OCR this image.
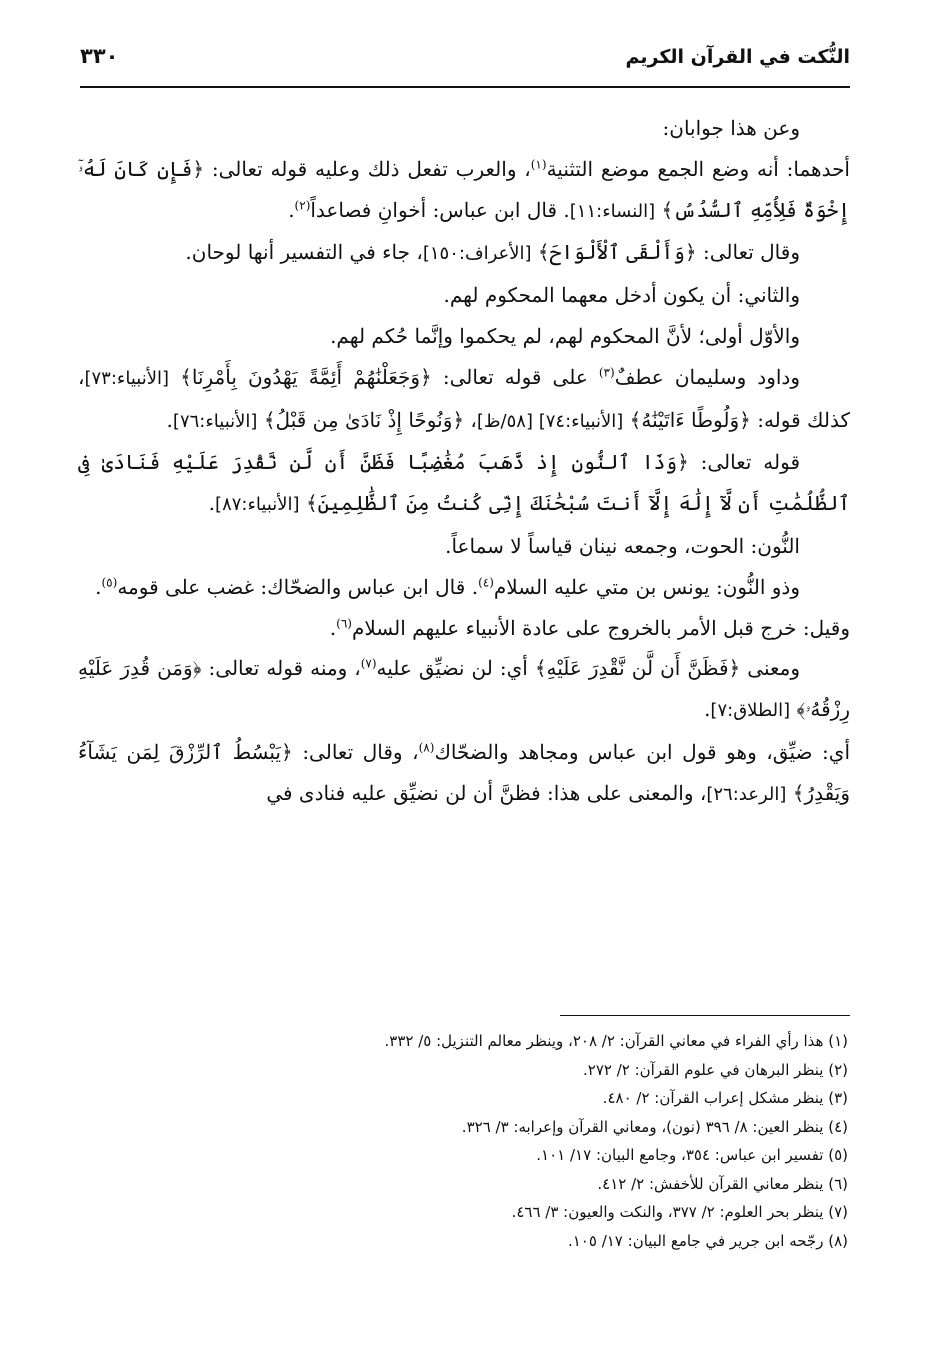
النُّكت في القرآن الكريم
٣٣٠

وعن هذا جوابان:

أحدهما: أنه وضع الجمع موضع التثنية$^{(١)}$، والعرب تفعل ذلك وعليه قوله تعالى: ﴿فَإِن كَانَ لَهُۥٓ إِخْوَةٌ فَلِأُمِّهِ ٱلسُّدُسُ﴾ [النساء:١١]. قال ابن عباس: أخوانِ فصاعداً$^{(٢)}$.

وقال تعالى: ﴿وَأَلْقَى ٱلْأَلْوَاحَ﴾ [الأعراف:١٥٠]، جاء في التفسير أنها لوحان.

والثاني: أن يكون أدخل معهما المحكوم لهم.

والأوّل أولى؛ لأنَّ المحكوم لهم، لم يحكموا وإنَّما حُكم لهم.

وداود وسليمان عطفٌ$^{(٣)}$ على قوله تعالى: ﴿وَجَعَلْنَٰهُمْ أَئِمَّةً يَهْدُونَ بِأَمْرِنَا﴾ [الأنبياء:٧٣]، كذلك قوله: ﴿وَلُوطًا ءَاتَيْنَٰهُ﴾ [الأنبياء:٧٤] [٥٨/ظ]، ﴿وَنُوحًا إِذْ نَادَىٰ مِن قَبْلُ﴾ [الأنبياء:٧٦].

قوله تعالى: ﴿وَذَا ٱلنُّونِ إِذ ذَّهَبَ مُغَٰضِبًا فَظَنَّ أَن لَّن نَّقْدِرَ عَلَيْهِ فَنَادَىٰ فِى ٱلظُّلُمَٰتِ أَن لَّآ إِلَٰهَ إِلَّآ أَنتَ سُبْحَٰنَكَ إِنِّى كُنتُ مِنَ ٱلظَّٰلِمِينَ﴾ [الأنبياء:٨٧].

النُّون: الحوت، وجمعه نينان قياساً لا سماعاً.

وذو النُّون: يونس بن متي عليه السلام$^{(٤)}$. قال ابن عباس والضحّاك: غضب على قومه$^{(٥)}$.

وقيل: خرج قبل الأمر بالخروج على عادة الأنبياء عليهم السلام$^{(٦)}$.

ومعنى ﴿فَظَنَّ أَن لَّن نَّقْدِرَ عَلَيْهِ﴾ أي: لن نضيِّق عليه$^{(٧)}$، ومنه قوله تعالى: ﴿وَمَن قُدِرَ عَلَيْهِ رِزْقُهُۥ﴾ [الطلاق:٧].

أي: ضيِّق، وهو قول ابن عباس ومجاهد والضحّاك$^{(٨)}$، وقال تعالى: ﴿يَبْسُطُ ٱلرِّزْقَ لِمَن يَشَآءُ وَيَقْدِرُ﴾ [الرعد:٢٦]، والمعنى على هذا: فظنَّ أن لن نضيِّق عليه فنادى في

(١) هذا رأي الفراء في معاني القرآن: ٢/ ٢٠٨، وينظر معالم التنزيل: ٥/ ٣٣٢.

(٢) ينظر البرهان في علوم القرآن: ٢/ ٢٧٢.

(٣) ينظر مشكل إعراب القرآن: ٢/ ٤٨٠.

(٤) ينظر العين: ٨/ ٣٩٦ (نون)، ومعاني القرآن وإعرابه: ٣/ ٣٢٦.

(٥) تفسير ابن عباس: ٣٥٤، وجامع البيان: ١٧/ ١٠١.

(٦) ينظر معاني القرآن للأخفش: ٢/ ٤١٢.

(٧) ينظر بحر العلوم: ٢/ ٣٧٧، والنكت والعيون: ٣/ ٤٦٦.

(٨) رجّحه ابن جرير في جامع البيان: ١٧/ ١٠٥.
